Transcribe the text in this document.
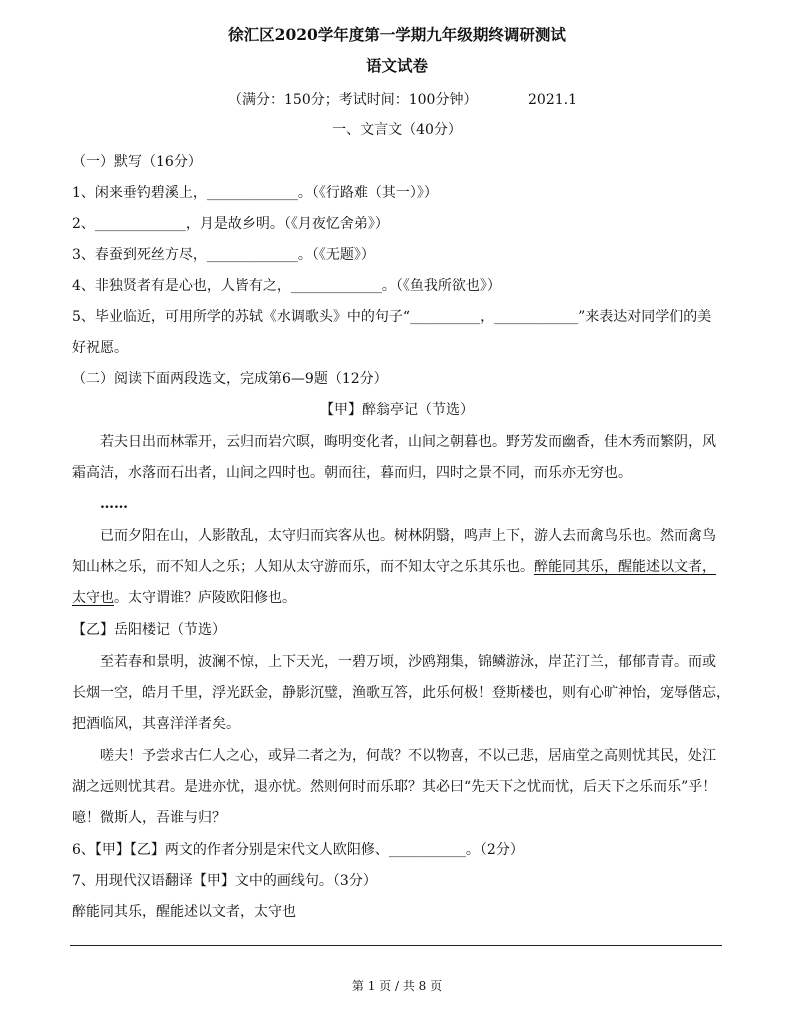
徐汇区2020学年度第一学期九年级期终调研测试
语文试卷
（满分：150分；考试时间：100分钟）	2021.1
一、文言文（40分）
（一）默写（16分）
1、闲来垂钓碧溪上，_____________。（《行路难（其一）》）
2、_____________，月是故乡明。（《月夜忆舍弟》）
3、春蚕到死丝方尽，_____________。（《无题》）
4、非独贤者有是心也，人皆有之，_____________。（《鱼我所欲也》）
5、毕业临近，可用所学的苏轼《水调歌头》中的句子“__________，____________”来表达对同学们的美
好祝愿。
（二）阅读下面两段选文，完成第6—9题（12分）
【甲】醉翁亭记（节选）
若夫日出而林霏开，云归而岩穴暝，晦明变化者，山间之朝暮也。野芳发而幽香，佳木秀而繁阴，风
霜高洁，水落而石出者，山间之四时也。朝而往，暮而归，四时之景不同，而乐亦无穷也。
……
已而夕阳在山，人影散乱，太守归而宾客从也。树林阴翳，鸣声上下，游人去而禽鸟乐也。然而禽鸟
知山林之乐，而不知人之乐；人知从太守游而乐，而不知太守之乐其乐也。醉能同其乐，醒能述以文者，
太守也。太守谓谁？庐陵欧阳修也。
【乙】岳阳楼记（节选）
至若春和景明，波澜不惊，上下天光，一碧万顷，沙鸥翔集，锦鳞游泳，岸芷汀兰，郁郁青青。而或
长烟一空，皓月千里，浮光跃金，静影沉璧，渔歌互答，此乐何极！登斯楼也，则有心旷神怡，宠辱偕忘，
把酒临风，其喜洋洋者矣。
嗟夫！予尝求古仁人之心，或异二者之为，何哉？不以物喜，不以己悲，居庙堂之高则忧其民，处江
湖之远则忧其君。是进亦忧，退亦忧。然则何时而乐耶？其必曰“先天下之忧而忧，后天下之乐而乐”乎！
噫！微斯人，吾谁与归？
6、【甲】【乙】两文的作者分别是宋代文人欧阳修、___________。（2分）
7、用现代汉语翻译【甲】文中的画线句。（3分）
醉能同其乐，醒能述以文者，太守也
第 1 页 / 共 8 页
